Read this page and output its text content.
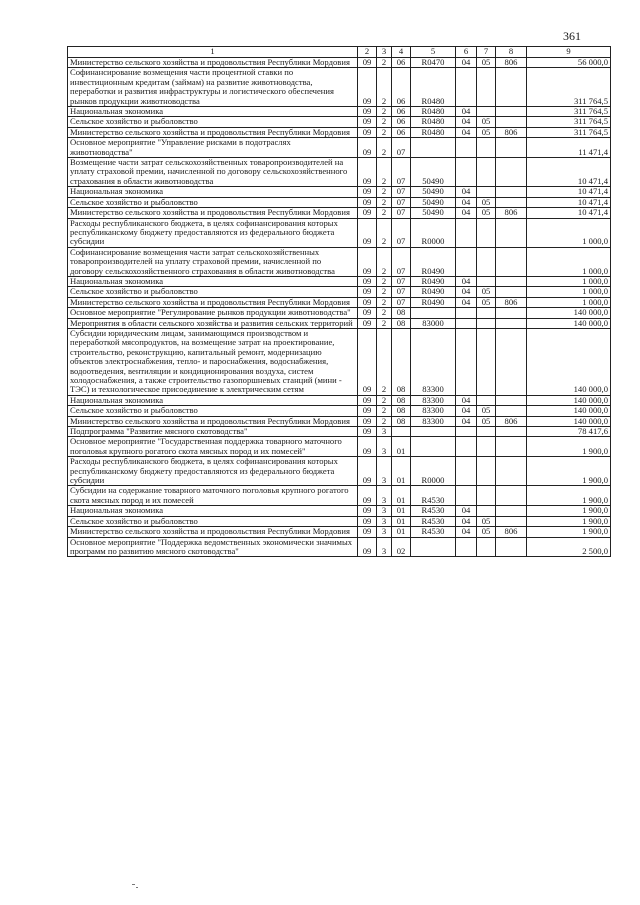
361
1	2	3	4	5	6	7	8	9
Министерство сельского хозяйства и продовольствия Республики Мордовия	09	2	06	R0470	04	05	806	56 000,0
Софинансирование возмещения части процентной ставки по инвестиционным кредитам (займам) на развитие животноводства, переработки и развития инфраструктуры и логистического обеспечения рынков продукции животноводства	09	2	06	R0480				311 764,5
Национальная экономика	09	2	06	R0480	04			311 764,5
Сельское хозяйство и рыболовство	09	2	06	R0480	04	05		311 764,5
Министерство сельского хозяйства и продовольствия Республики Мордовия	09	2	06	R0480	04	05	806	311 764,5
Основное мероприятие "Управление рисками в подотраслях животноводства"	09	2	07					11 471,4
Возмещение части затрат сельскохозяйственных товаропроизводителей на уплату страховой премии, начисленной по договору сельскохозяйственного страхования в области животноводства	09	2	07	50490				10 471,4
Национальная экономика	09	2	07	50490	04			10 471,4
Сельское хозяйство и рыболовство	09	2	07	50490	04	05		10 471,4
Министерство сельского хозяйства и продовольствия Республики Мордовия	09	2	07	50490	04	05	806	10 471,4
Расходы республиканского бюджета, в целях софинансирования которых республиканскому бюджету предоставляются из федерального бюджета субсидии	09	2	07	R0000				1 000,0
Софинансирование возмещения части затрат сельскохозяйственных товаропроизводителей на уплату страховой премии, начисленной по договору сельскохозяйственного страхования в области животноводства	09	2	07	R0490				1 000,0
Национальная экономика	09	2	07	R0490	04			1 000,0
Сельское хозяйство и рыболовство	09	2	07	R0490	04	05		1 000,0
Министерство сельского хозяйства и продовольствия Республики Мордовия	09	2	07	R0490	04	05	806	1 000,0
Основное мероприятие "Регулирование рынков продукции животноводства"	09	2	08					140 000,0
Мероприятия в области сельского хозяйства и развития сельских территорий	09	2	08	83000				140 000,0
Субсидии юридическим лицам, занимающимся производством и переработкой мясопродуктов, на возмещение затрат на проектирование, строительство, реконструкцию, капитальный ремонт, модернизацию объектов электроснабжения, тепло- и пароснабжения, водоснабжения, водоотведения, вентиляции и кондиционирования воздуха, систем холодоснабжения, а также строительство газопоршневых станций (мини - ТЭС) и технологическое присоединение к электрическим сетям	09	2	08	83300				140 000,0
Национальная экономика	09	2	08	83300	04			140 000,0
Сельское хозяйство и рыболовство	09	2	08	83300	04	05		140 000,0
Министерство сельского хозяйства и продовольствия Республики Мордовия	09	2	08	83300	04	05	806	140 000,0
Подпрограмма "Развитие мясного скотоводства"	09	3						78 417,6
Основное мероприятие "Государственная поддержка товарного маточного поголовья крупного рогатого скота мясных пород и их помесей"	09	3	01					1 900,0
Расходы республиканского бюджета, в целях софинансирования которых республиканскому бюджету предоставляются из федерального бюджета субсидии	09	3	01	R0000				1 900,0
Субсидии на содержание товарного маточного поголовья крупного рогатого скота мясных пород и их помесей	09	3	01	R4530				1 900,0
Национальная экономика	09	3	01	R4530	04			1 900,0
Сельское хозяйство и рыболовство	09	3	01	R4530	04	05		1 900,0
Министерство сельского хозяйства и продовольствия Республики Мордовия	09	3	01	R4530	04	05	806	1 900,0
Основное мероприятие "Поддержка ведомственных экономически значимых программ по развитию мясного скотоводства"	09	3	02					2 500,0
